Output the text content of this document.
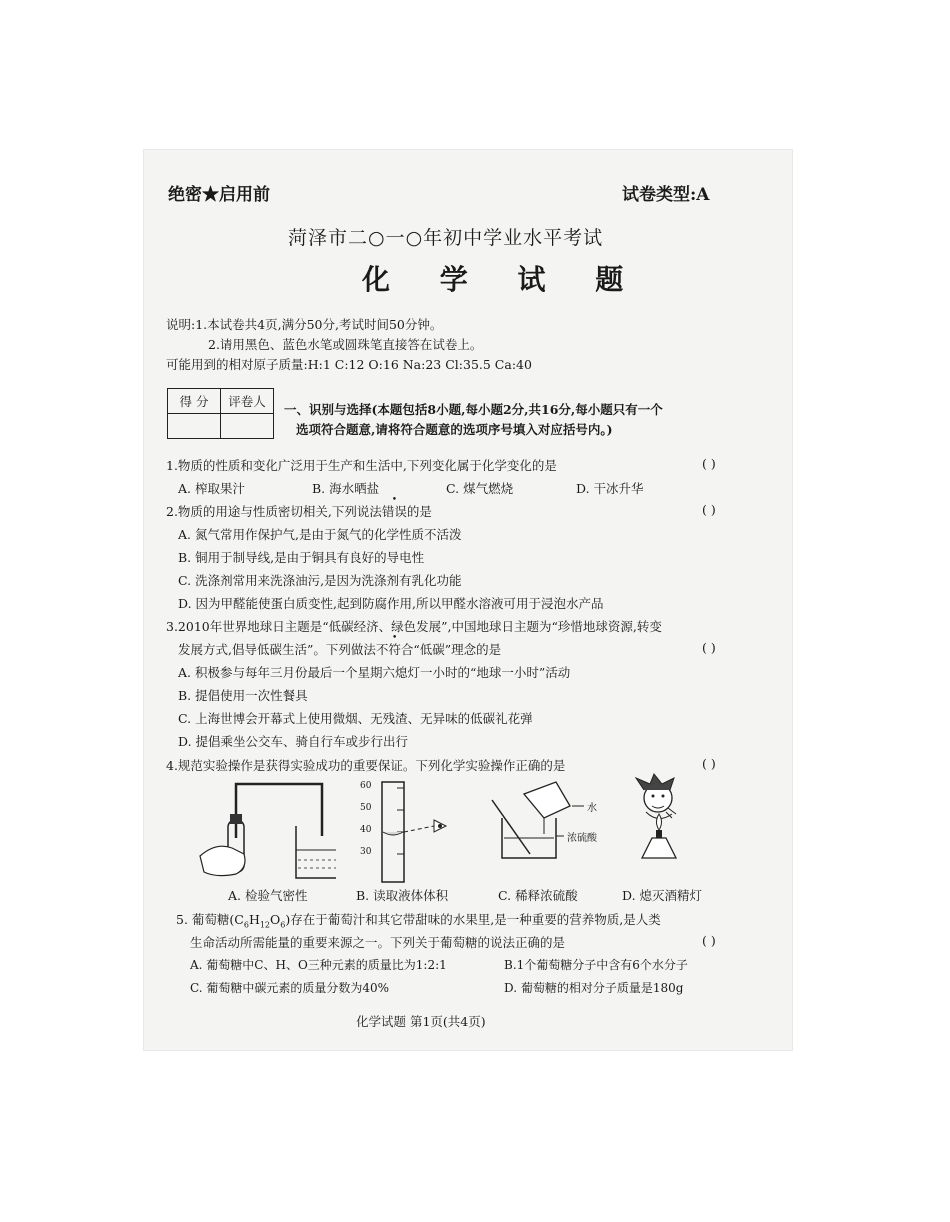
绝密★启用前	试卷类型:A
菏泽市二○一○年初中学业水平考试
化 学 试 题
说明:1.本试卷共4页,满分50分,考试时间50分钟。
2.请用黑色、蓝色水笔或圆珠笔直接答在试卷上。
可能用到的相对原子质量:H:1 C:12 O:16 Na:23 Cl:35.5 Ca:40
得 分	评卷人

一、识别与选择(本题包括8小题,每小题2分,共16分,每小题只有一个
选项符合题意,请将符合题意的选项序号填入对应括号内。)
1.物质的性质和变化广泛用于生产和生活中,下列变化属于化学变化的是	( )
A. 榨取果汁	B. 海水晒盐	C. 煤气燃烧	D. 干冰升华
2.物质的用途与性质密切相关,下列说法错误的是	( )
A. 氮气常用作保护气,是由于氮气的化学性质不活泼
B. 铜用于制导线,是由于铜具有良好的导电性
C. 洗涤剂常用来洗涤油污,是因为洗涤剂有乳化功能
D. 因为甲醛能使蛋白质变性,起到防腐作用,所以甲醛水溶液可用于浸泡水产品
3.2010年世界地球日主题是“低碳经济、绿色发展”,中国地球日主题为“珍惜地球资源,转变
发展方式,倡导低碳生活”。下列做法不符合“低碳”理念的是	( )
A. 积极参与每年三月份最后一个星期六熄灯一小时的“地球一小时”活动
B. 提倡使用一次性餐具
C. 上海世博会开幕式上使用微烟、无残渣、无异味的低碳礼花弹
D. 提倡乘坐公交车、骑自行车或步行出行
4.规范实验操作是获得实验成功的重要保证。下列化学实验操作正确的是	( )
60
50
40
30
水
浓硫酸
A. 检验气密性	B. 读取液体体积	C. 稀释浓硫酸	D. 熄灭酒精灯
5. 葡萄糖$(C_6H_{12}O_6)$存在于葡萄汁和其它带甜味的水果里,是一种重要的营养物质,是人类
生命活动所需能量的重要来源之一。下列关于葡萄糖的说法正确的是	( )
A. 葡萄糖中C、H、O三种元素的质量比为1:2:1	B.1个葡萄糖分子中含有6个水分子
C. 葡萄糖中碳元素的质量分数为40%	D. 葡萄糖的相对分子质量是180g
化学试题 第1页(共4页)
